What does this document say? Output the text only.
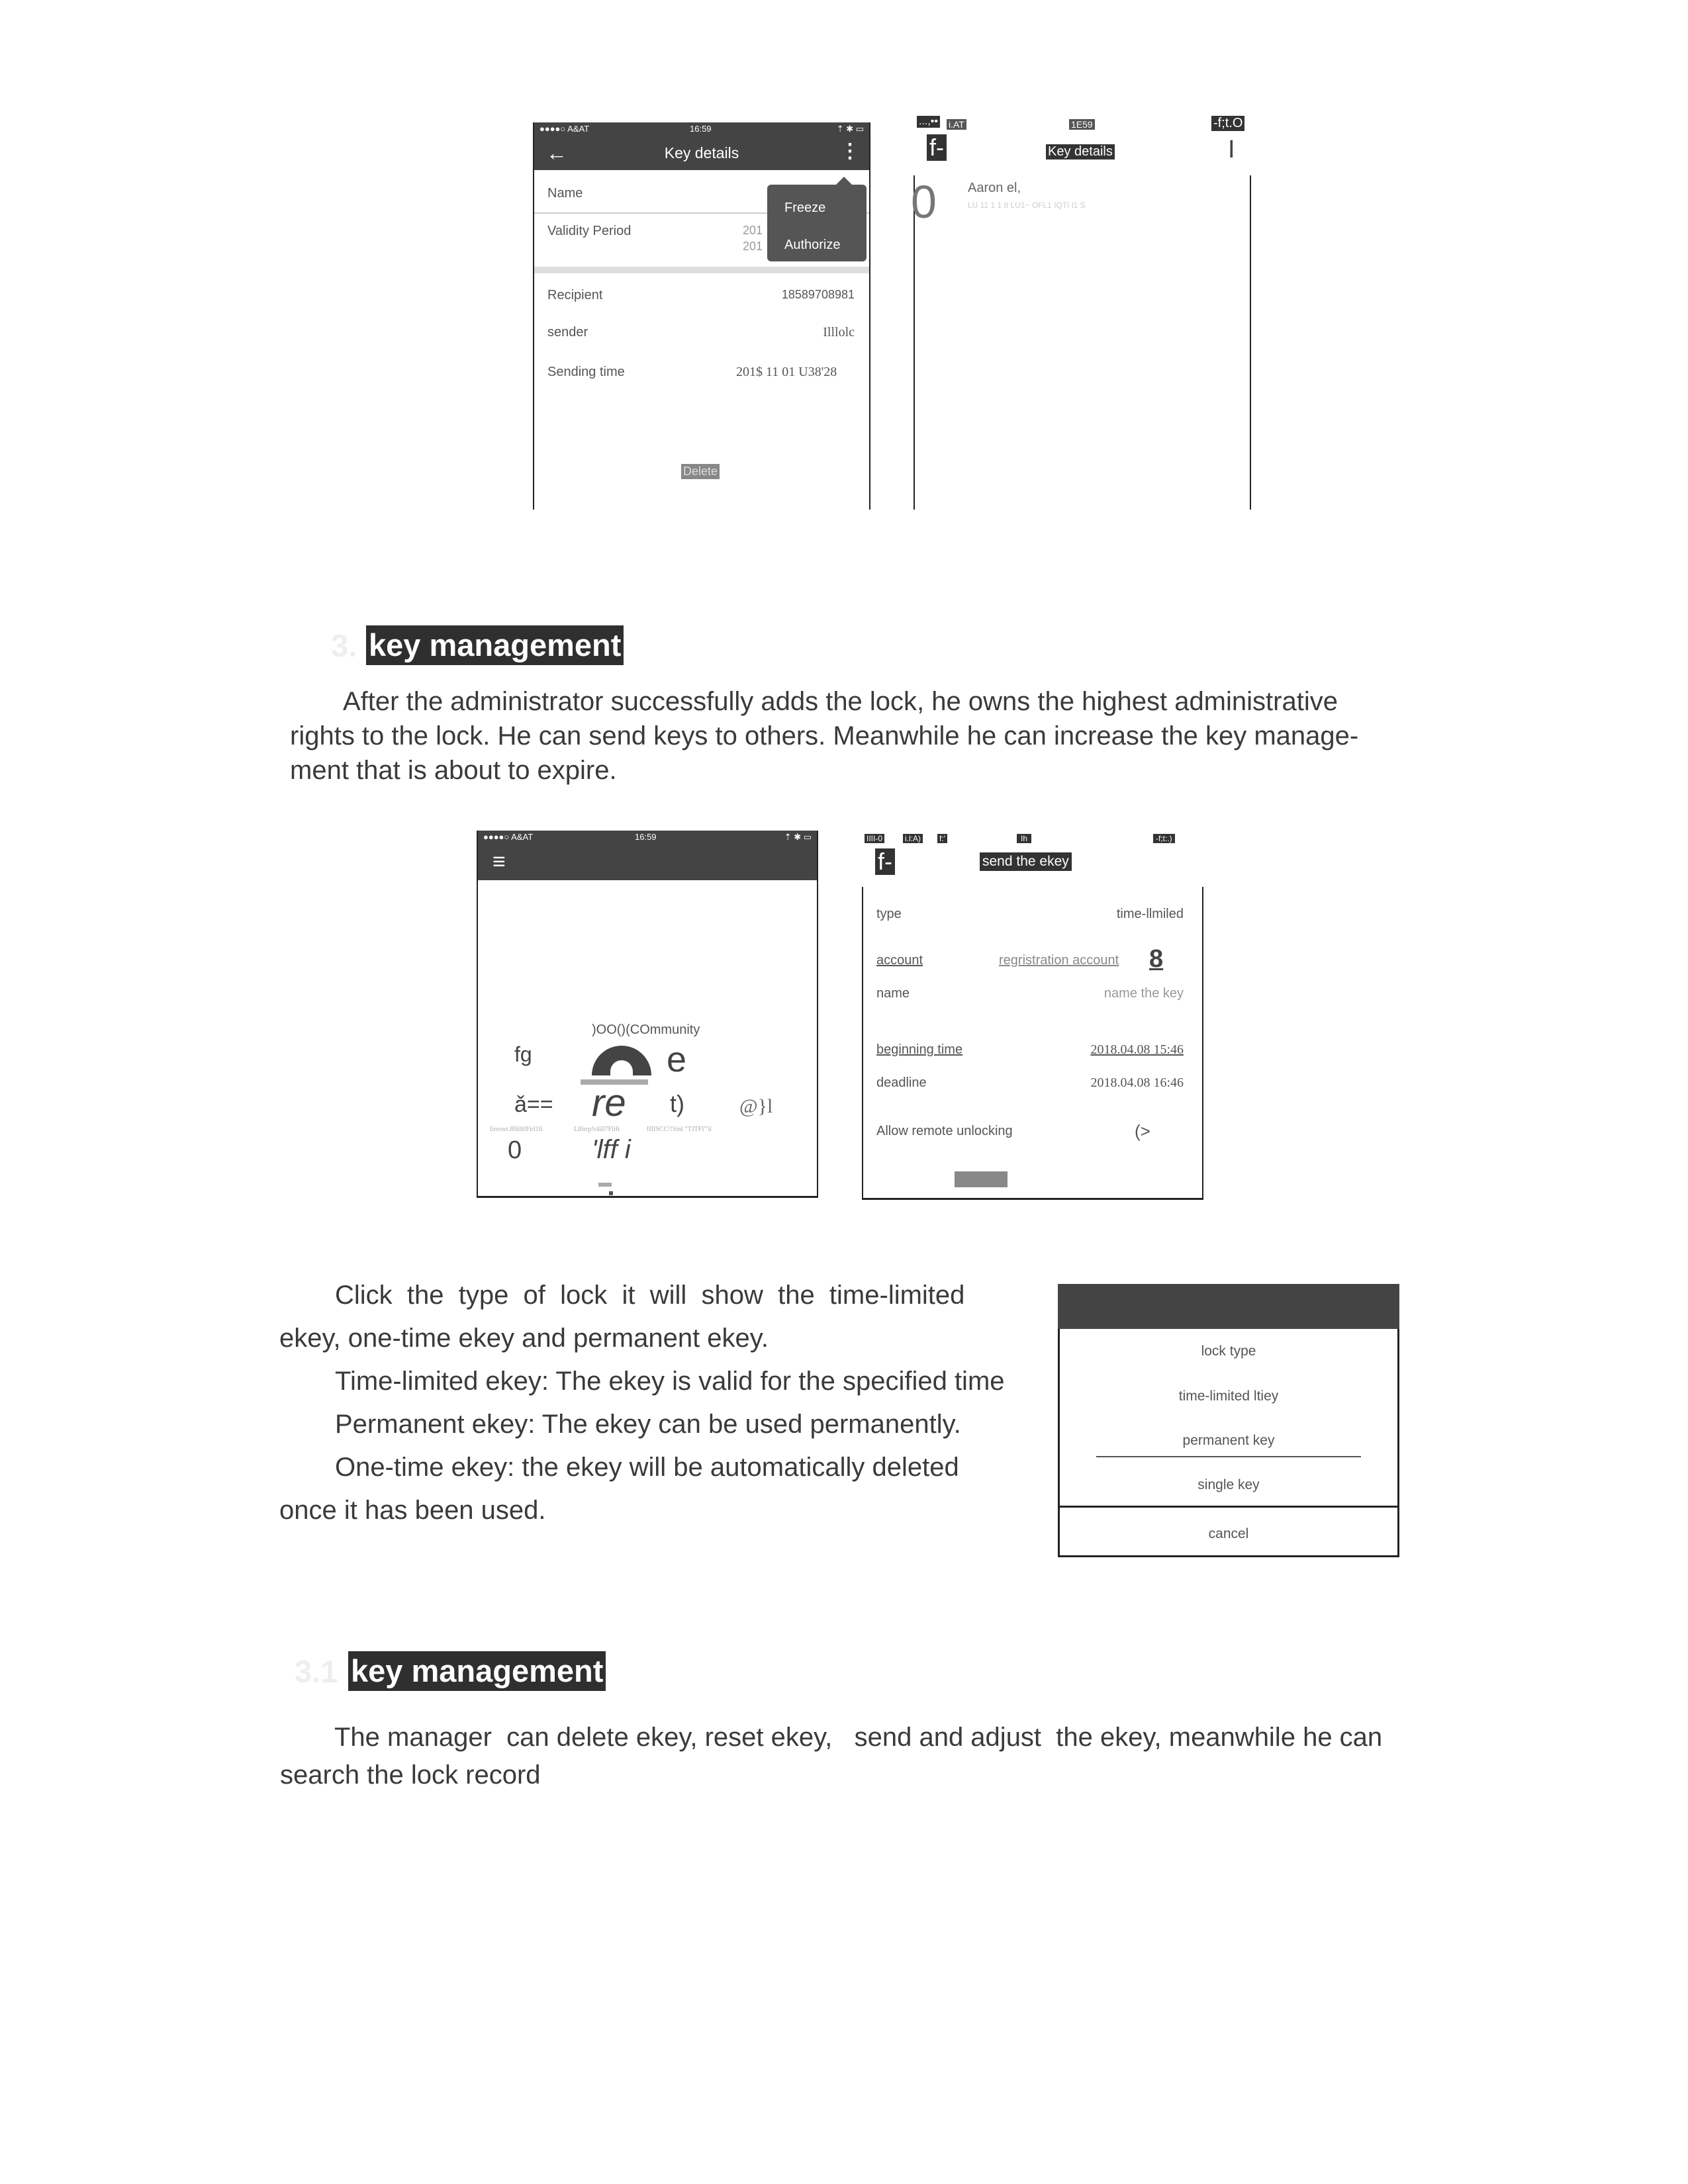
●●●●○ A&AT	16:59	⇡ ✱ ▭
←	Key details	⋮
Name
Validity Period	201
201
Recipient	18589708981
sender	Illlolc
Sending time	201$ 11 01 U38'28
Delete
Freeze
Authorize
0 Aaron el,
LU 11 1 1 It LU1~ OFL1 IQTI l1 S
...,•• i.AT	1E59	-f;t.O
f-	Key details	I
3. key management
After the administrator successfully adds the lock, he owns the highest administrative
rights to the lock. He can send keys to others. Meanwhile he can increase the key manage-
ment that is about to expire.
●●●●○ A&AT	16:59	⇡ ✱ ▭
≡
)OO()(COmmunity
fg	e
ǎ== re t)	@}l
Iirrowt.fffilItlFirl1fi	Llfirrp!r4ill7Flift	IIIISCC!!Sinl "TJTFI'"il
0	'lff i
type	time-llmiled
account	regristration account 8
name	name the key
beginning time	2018.04.08 15:46
deadline	2018.04.08 16:46
Allow remote unlocking	(>
IIII-0	i.l:A) f:'	Ih	-f;t:.)
f-	send the ekey
Click  the  type  of  lock  it  will  show  the  time-limited
ekey, one-time ekey and permanent ekey.
Time-limited ekey: The ekey is valid for the specified time
Permanent ekey: The ekey can be used permanently.
One-time ekey: the ekey will be automatically deleted
once it has been used.
lock type
time-limited ltiey
permanent key
single key
cancel
3.1 key management
The manager  can delete ekey, reset ekey,   send and adjust  the ekey, meanwhile he can
search the lock record
